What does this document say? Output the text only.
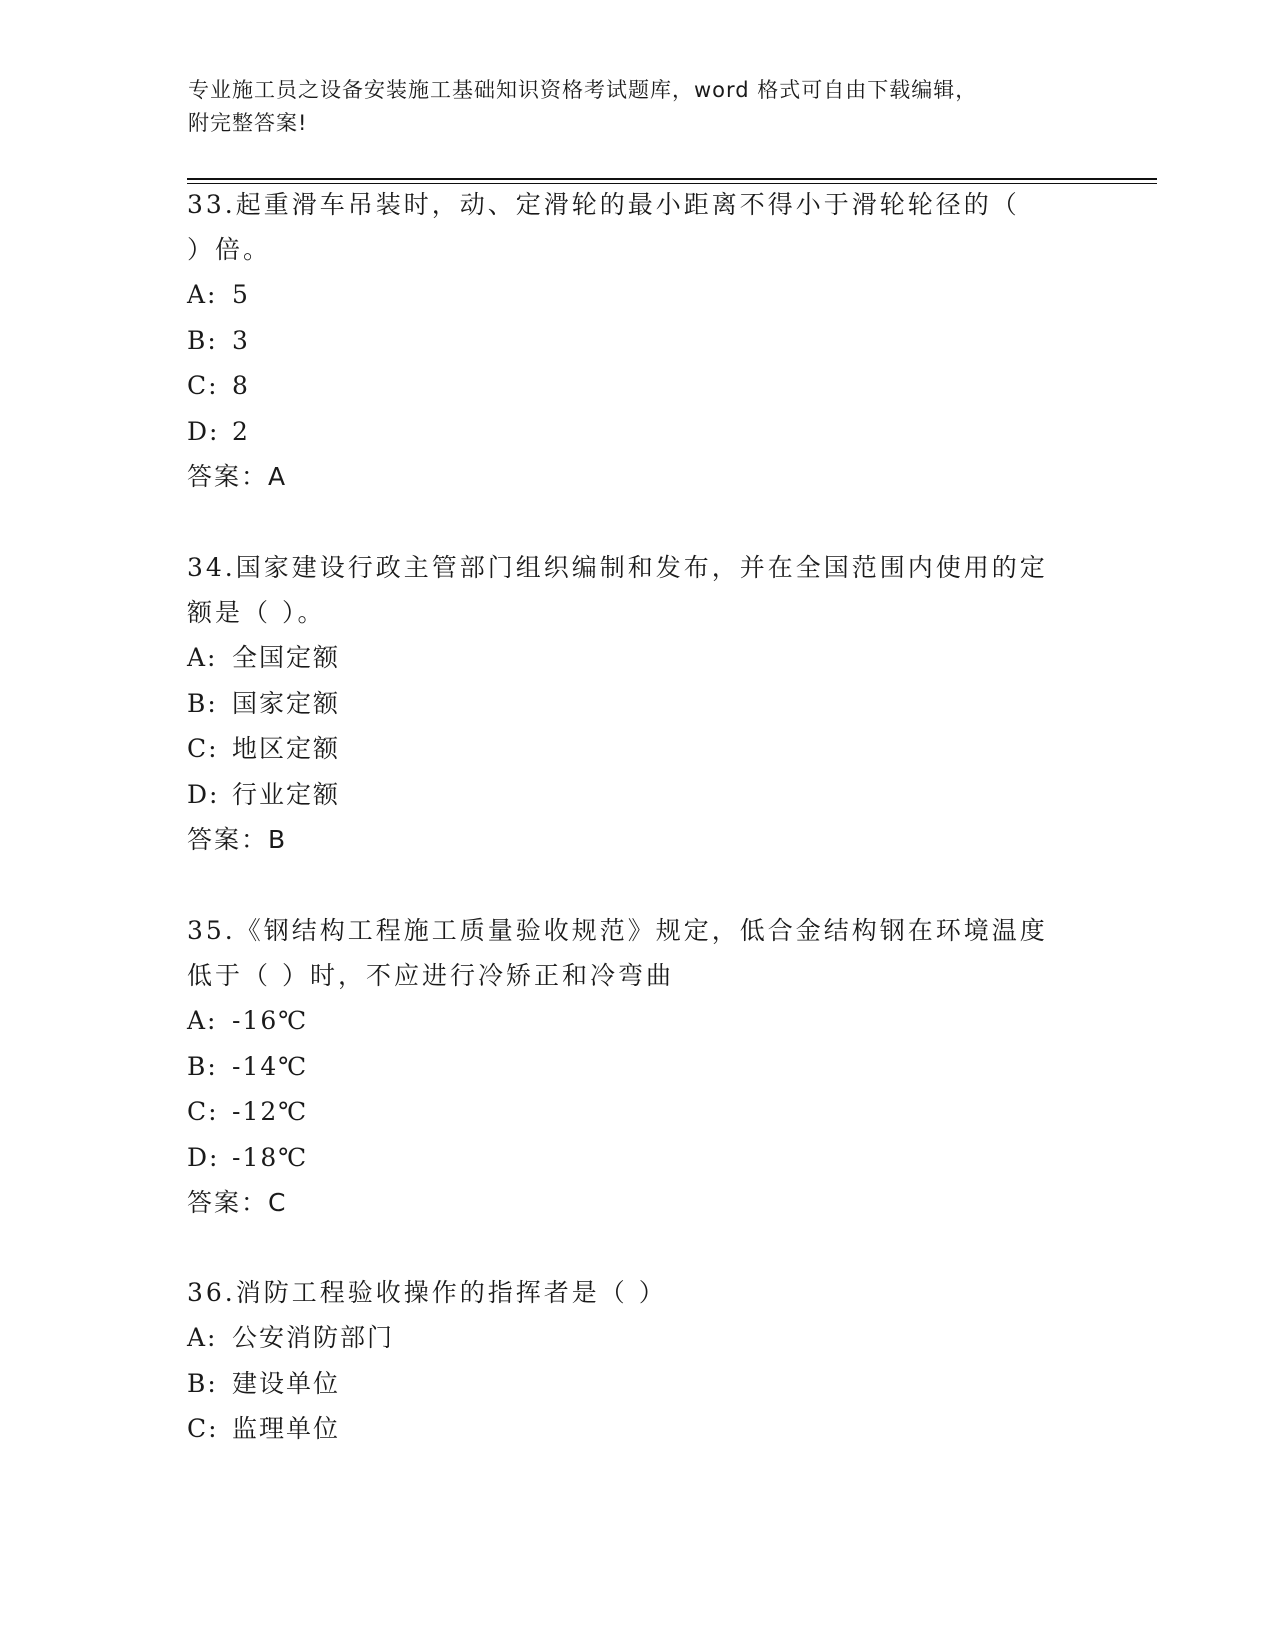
专业施工员之设备安装施工基础知识资格考试题库，word 格式可自由下载编辑，
附完整答案!

33.起重滑车吊装时，动、定滑轮的最小距离不得小于滑轮轮径的（

）倍。

A: 5

B: 3

C: 8

D: 2

答案：A

34.国家建设行政主管部门组织编制和发布，并在全国范围内使用的定

额是（ ）。

A: 全国定额

B: 国家定额

C: 地区定额

D: 行业定额

答案：B

35.《钢结构工程施工质量验收规范》规定，低合金结构钢在环境温度

低于（ ）时，不应进行冷矫正和冷弯曲

A: -16℃

B: -14℃

C: -12℃

D: -18℃

答案：C

36.消防工程验收操作的指挥者是（ ）

A: 公安消防部门

B: 建设单位

C: 监理单位
